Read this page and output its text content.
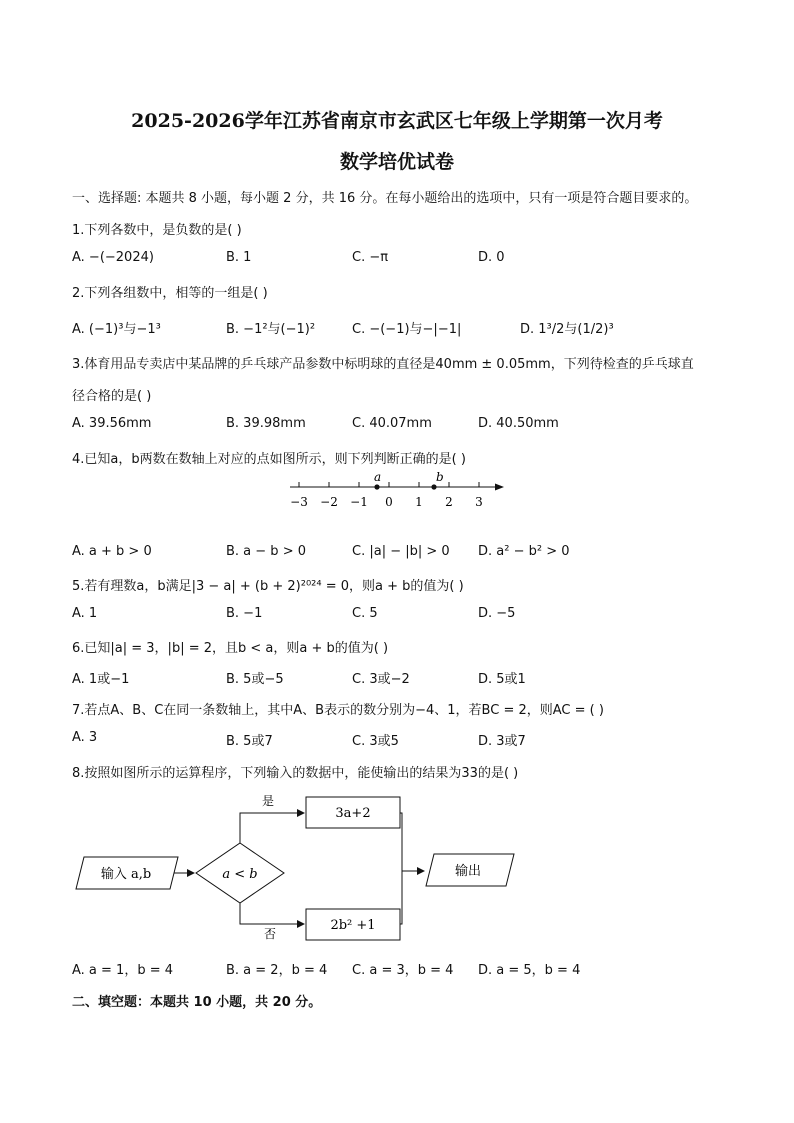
2025-2026学年江苏省南京市玄武区七年级上学期第一次月考
数学培优试卷
一、选择题: 本题共 8 小题，每小题 2 分，共 16 分。在每小题给出的选项中，只有一项是符合题目要求的。
1.下列各数中，是负数的是( )
A. −(−2024)	B. 1	C. −π	D. 0
2.下列各组数中，相等的一组是( )
A. (−1)³与−1³	B. −1²与(−1)²	C. −(−1)与−|−1|	D. 1³/2与(1/2)³
3.体育用品专卖店中某品牌的乒乓球产品参数中标明球的直径是40mm ± 0.05mm，下列待检查的乒乓球直
径合格的是( )
A. 39.56mm	B. 39.98mm	C. 40.07mm	D. 40.50mm
4.已知a，b两数在数轴上对应的点如图所示，则下列判断正确的是( )
−3 −2 −1 0 1 2 3
a	b
A. a + b > 0	B. a − b > 0	C. |a| − |b| > 0 D. a² − b² > 0
5.若有理数a，b满足|3 − a| + (b + 2)²⁰²⁴ = 0，则a + b的值为( )
A. 1	B. −1	C. 5	D. −5
6.已知|a| = 3，|b| = 2，且b < a，则a + b的值为( )
A. 1或−1	B. 5或−5	C. 3或−2	D. 5或1
7.若点A、B、C在同一条数轴上，其中A、B表示的数分别为−4、1，若BC = 2，则AC = ( )
A. 3	B. 5或7	C. 3或5	D. 3或7
8.按照如图所示的运算程序，下列输入的数据中，能使输出的结果为33的是( )
输入 a,b	a < b
是
3a+2
否
2b² +1
输出
A. a = 1，b = 4	B. a = 2，b = 4 C. a = 3，b = 4 D. a = 5，b = 4
二、填空题：本题共 10 小题，共 20 分。
